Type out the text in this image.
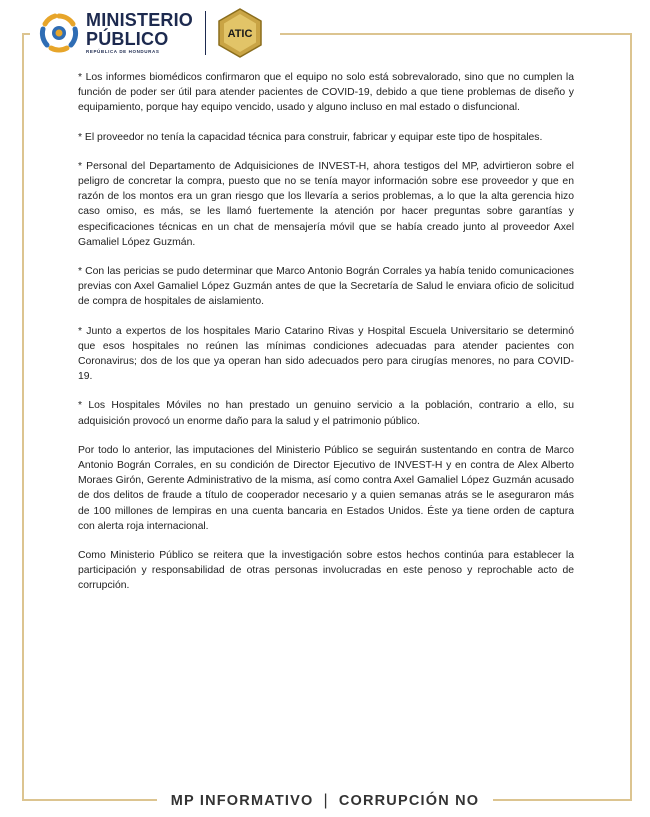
MINISTERIO
PÚBLICO
REPÚBLICA DE HONDURAS
ATIC

* Los informes biomédicos confirmaron que el equipo no solo está sobrevalorado, sino que no cumplen la función de poder ser útil para atender pacientes de COVID-19, debido a que tiene problemas de diseño y equipamiento, porque hay equipo vencido, usado y alguno incluso en mal estado o disfuncional.

* El proveedor no tenía la capacidad técnica para construir, fabricar y equipar este tipo de hospitales.

* Personal del Departamento de Adquisiciones de INVEST-H, ahora testigos del MP, advirtieron sobre el peligro de concretar la compra, puesto que no se tenía mayor información sobre ese proveedor y que en razón de los montos era un gran riesgo que los llevaría a serios problemas, a lo que la alta gerencia hizo caso omiso, es más, se les llamó fuertemente la atención por hacer preguntas sobre garantías y especificaciones técnicas en un chat de mensajería móvil que se había creado junto al proveedor Axel Gamaliel López Guzmán.

* Con las pericias se pudo determinar que Marco Antonio Bográn Corrales ya había tenido comunicaciones previas con Axel Gamaliel López Guzmán antes de que la Secretaría de Salud le enviara oficio de solicitud de compra de hospitales de aislamiento.

* Junto a expertos de los hospitales Mario Catarino Rivas y Hospital Escuela Universitario se determinó que esos hospitales no reúnen las mínimas condiciones adecuadas para atender pacientes con Coronavirus; dos de los que ya operan han sido adecuados pero para cirugías menores, no para COVID-19.

* Los Hospitales Móviles no han prestado un genuino servicio a la población, contrario a ello, su adquisición provocó un enorme daño para la salud y el patrimonio público.

Por todo lo anterior, las imputaciones del Ministerio Público se seguirán sustentando en contra de Marco Antonio Bográn Corrales, en su condición de Director Ejecutivo de INVEST-H y en contra de Alex Alberto Moraes Girón, Gerente Administrativo de la misma, así como contra Axel Gamaliel López Guzmán acusado de dos delitos de fraude a título de cooperador necesario y a quien semanas atrás se le aseguraron más de 100 millones de lempiras en una cuenta bancaria en Estados Unidos. Éste ya tiene orden de captura con alerta roja internacional.

Como Ministerio Público se reitera que la investigación sobre estos hechos continúa para establecer la participación y responsabilidad de otras personas involucradas en este penoso y reprochable acto de corrupción.

MP INFORMATIVO | CORRUPCIÓN NO
